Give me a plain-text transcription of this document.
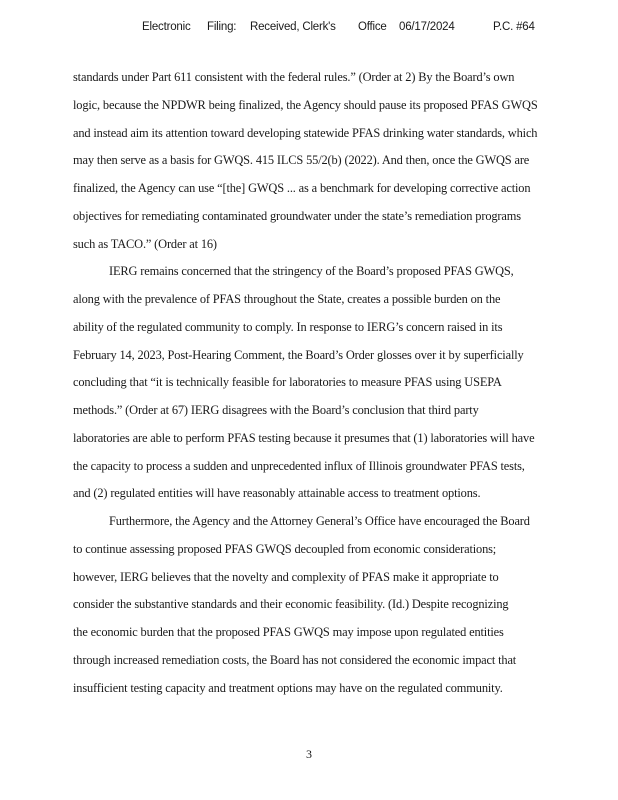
Electronic Filing: Received, Clerk's Office 06/17/2024	P.C. #64
standards under Part 611 consistent with the federal rules.” (Order at 2) By the Board’s own
logic, because the NPDWR being finalized, the Agency should pause its proposed PFAS GWQS
and instead aim its attention toward developing statewide PFAS drinking water standards, which
may then serve as a basis for GWQS. 415 ILCS 55/2(b) (2022). And then, once the GWQS are
finalized, the Agency can use “[the] GWQS ... as a benchmark for developing corrective action
objectives for remediating contaminated groundwater under the state’s remediation programs
such as TACO.” (Order at 16)
IERG remains concerned that the stringency of the Board’s proposed PFAS GWQS,
along with the prevalence of PFAS throughout the State, creates a possible burden on the
ability of the regulated community to comply. In response to IERG’s concern raised in its
February 14, 2023, Post-Hearing Comment, the Board’s Order glosses over it by superficially
concluding that “it is technically feasible for laboratories to measure PFAS using USEPA
methods.” (Order at 67) IERG disagrees with the Board’s conclusion that third party
laboratories are able to perform PFAS testing because it presumes that (1) laboratories will have
the capacity to process a sudden and unprecedented influx of Illinois groundwater PFAS tests,
and (2) regulated entities will have reasonably attainable access to treatment options.
Furthermore, the Agency and the Attorney General’s Office have encouraged the Board
to continue assessing proposed PFAS GWQS decoupled from economic considerations;
however, IERG believes that the novelty and complexity of PFAS make it appropriate to
consider the substantive standards and their economic feasibility. (Id.) Despite recognizing
the economic burden that the proposed PFAS GWQS may impose upon regulated entities
through increased remediation costs, the Board has not considered the economic impact that
insufficient testing capacity and treatment options may have on the regulated community.
3
